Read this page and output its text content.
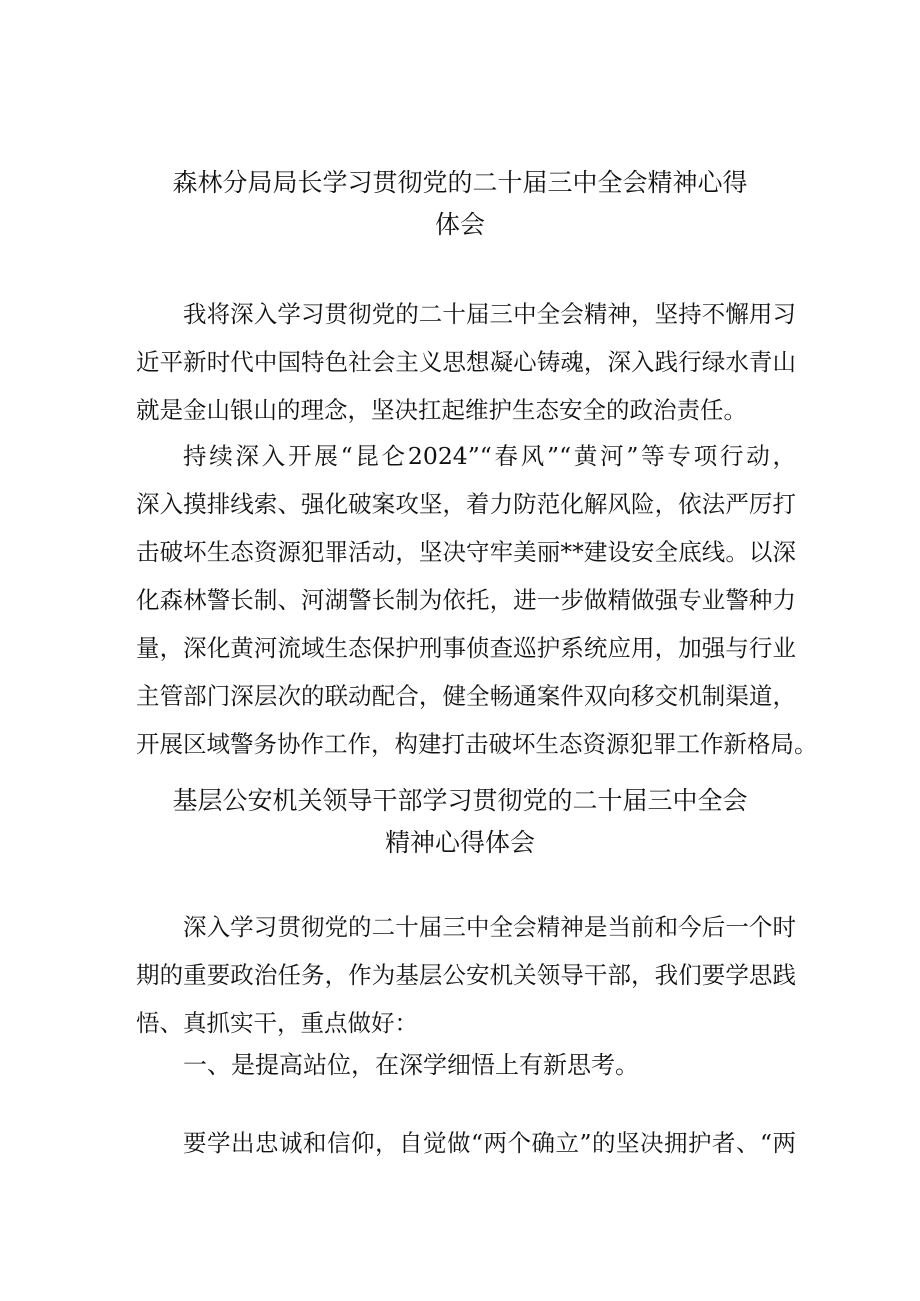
森林分局局长学习贯彻党的二十届三中全会精神心得
体会
我将深入学习贯彻党的二十届三中全会精神，坚持不懈用习
近平新时代中国特色社会主义思想凝心铸魂，深入践行绿水青山
就是金山银山的理念，坚决扛起维护生态安全的政治责任。
持续深入开展“昆仑2024”“春风”“黄河”等专项行动，
深入摸排线索、强化破案攻坚，着力防范化解风险，依法严厉打
击破坏生态资源犯罪活动，坚决守牢美丽**建设安全底线。以深
化森林警长制、河湖警长制为依托，进一步做精做强专业警种力
量，深化黄河流域生态保护刑事侦查巡护系统应用，加强与行业
主管部门深层次的联动配合，健全畅通案件双向移交机制渠道，
开展区域警务协作工作，构建打击破坏生态资源犯罪工作新格局。
基层公安机关领导干部学习贯彻党的二十届三中全会
精神心得体会
深入学习贯彻党的二十届三中全会精神是当前和今后一个时
期的重要政治任务，作为基层公安机关领导干部，我们要学思践
悟、真抓实干，重点做好：
一、是提高站位，在深学细悟上有新思考。
要学出忠诚和信仰，自觉做“两个确立”的坚决拥护者、“两
